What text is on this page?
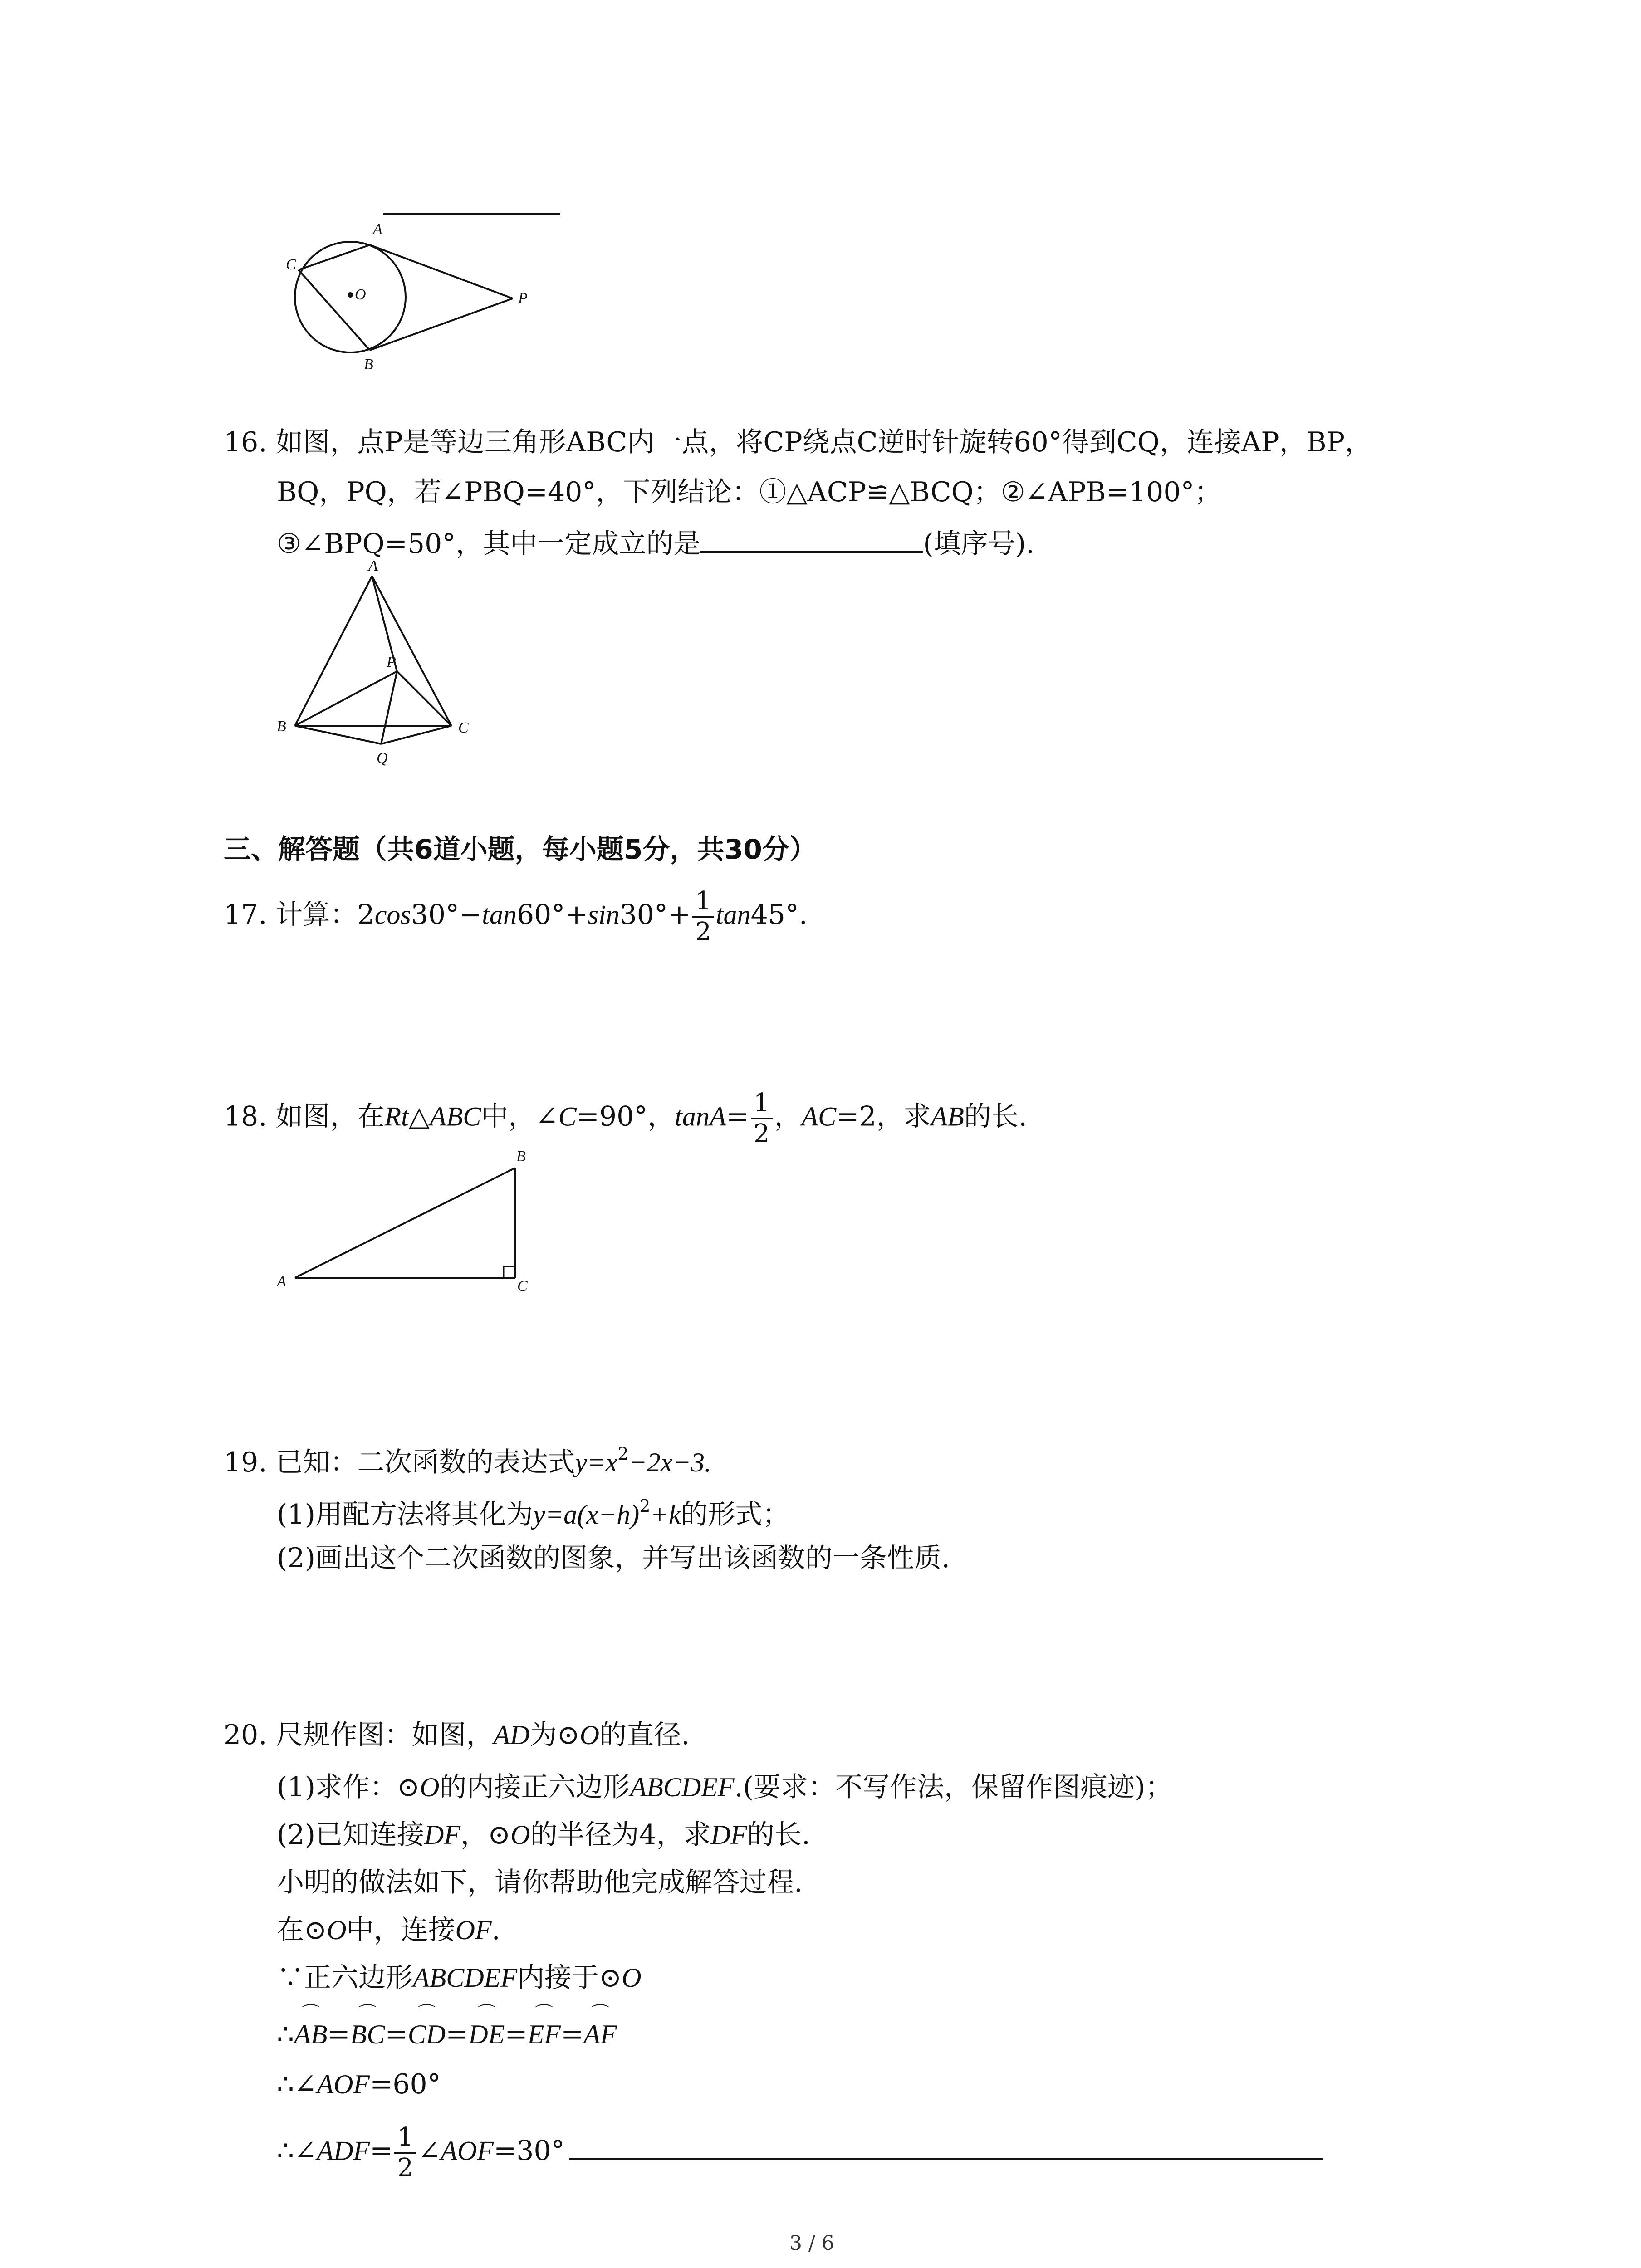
A
C
O	P
B
16. 如图，点P是等边三角形ABC内一点，将CP绕点C逆时针旋转60°得到CQ，连接AP，BP，
BQ，PQ，若∠PBQ=40°，下列结论：①△ACP≌△BCQ；②∠APB=100°；
③∠BPQ=50°，其中一定成立的是	(填序号).
A
P
B	C
Q
三、解答题（共6道小题，每小题5分，共30分）
17. 计算：$2\cos 30^\circ-\tan 60^\circ+\sin 30^\circ+ \frac{1}{2} \tan 45^\circ$.
18. 如图，在Rt△ABC中，∠C=90°，$\tan A= \frac{1}{2}$ ，AC=2，求AB的长.
B
A	C
19. 已知：二次函数的表达式$y=x^2-2x-3$.
(1)用配方法将其化为$y=a(x-h)^2+k$的形式；
(2)画出这个二次函数的图象，并写出该函数的一条性质.
20. 尺规作图：如图，AD为⊙O的直径.
(1)求作：⊙O的内接正六边形ABCDEF.(要求：不写作法，保留作图痕迹)；
(2)已知连接DF，⊙O的半径为4，求DF的长.
小明的做法如下，请你帮助他完成解答过程.
在⊙O中，连接OF.
∵正六边形ABCDEF内接于⊙O
∴⌒ AB=⌒ BC=⌒ CD=⌒ DE=⌒ EF=⌒ AF
∴∠AOF=60°
∴∠ADF= $\frac{1}{2}$ ∠AOF=30°
3 / 6
